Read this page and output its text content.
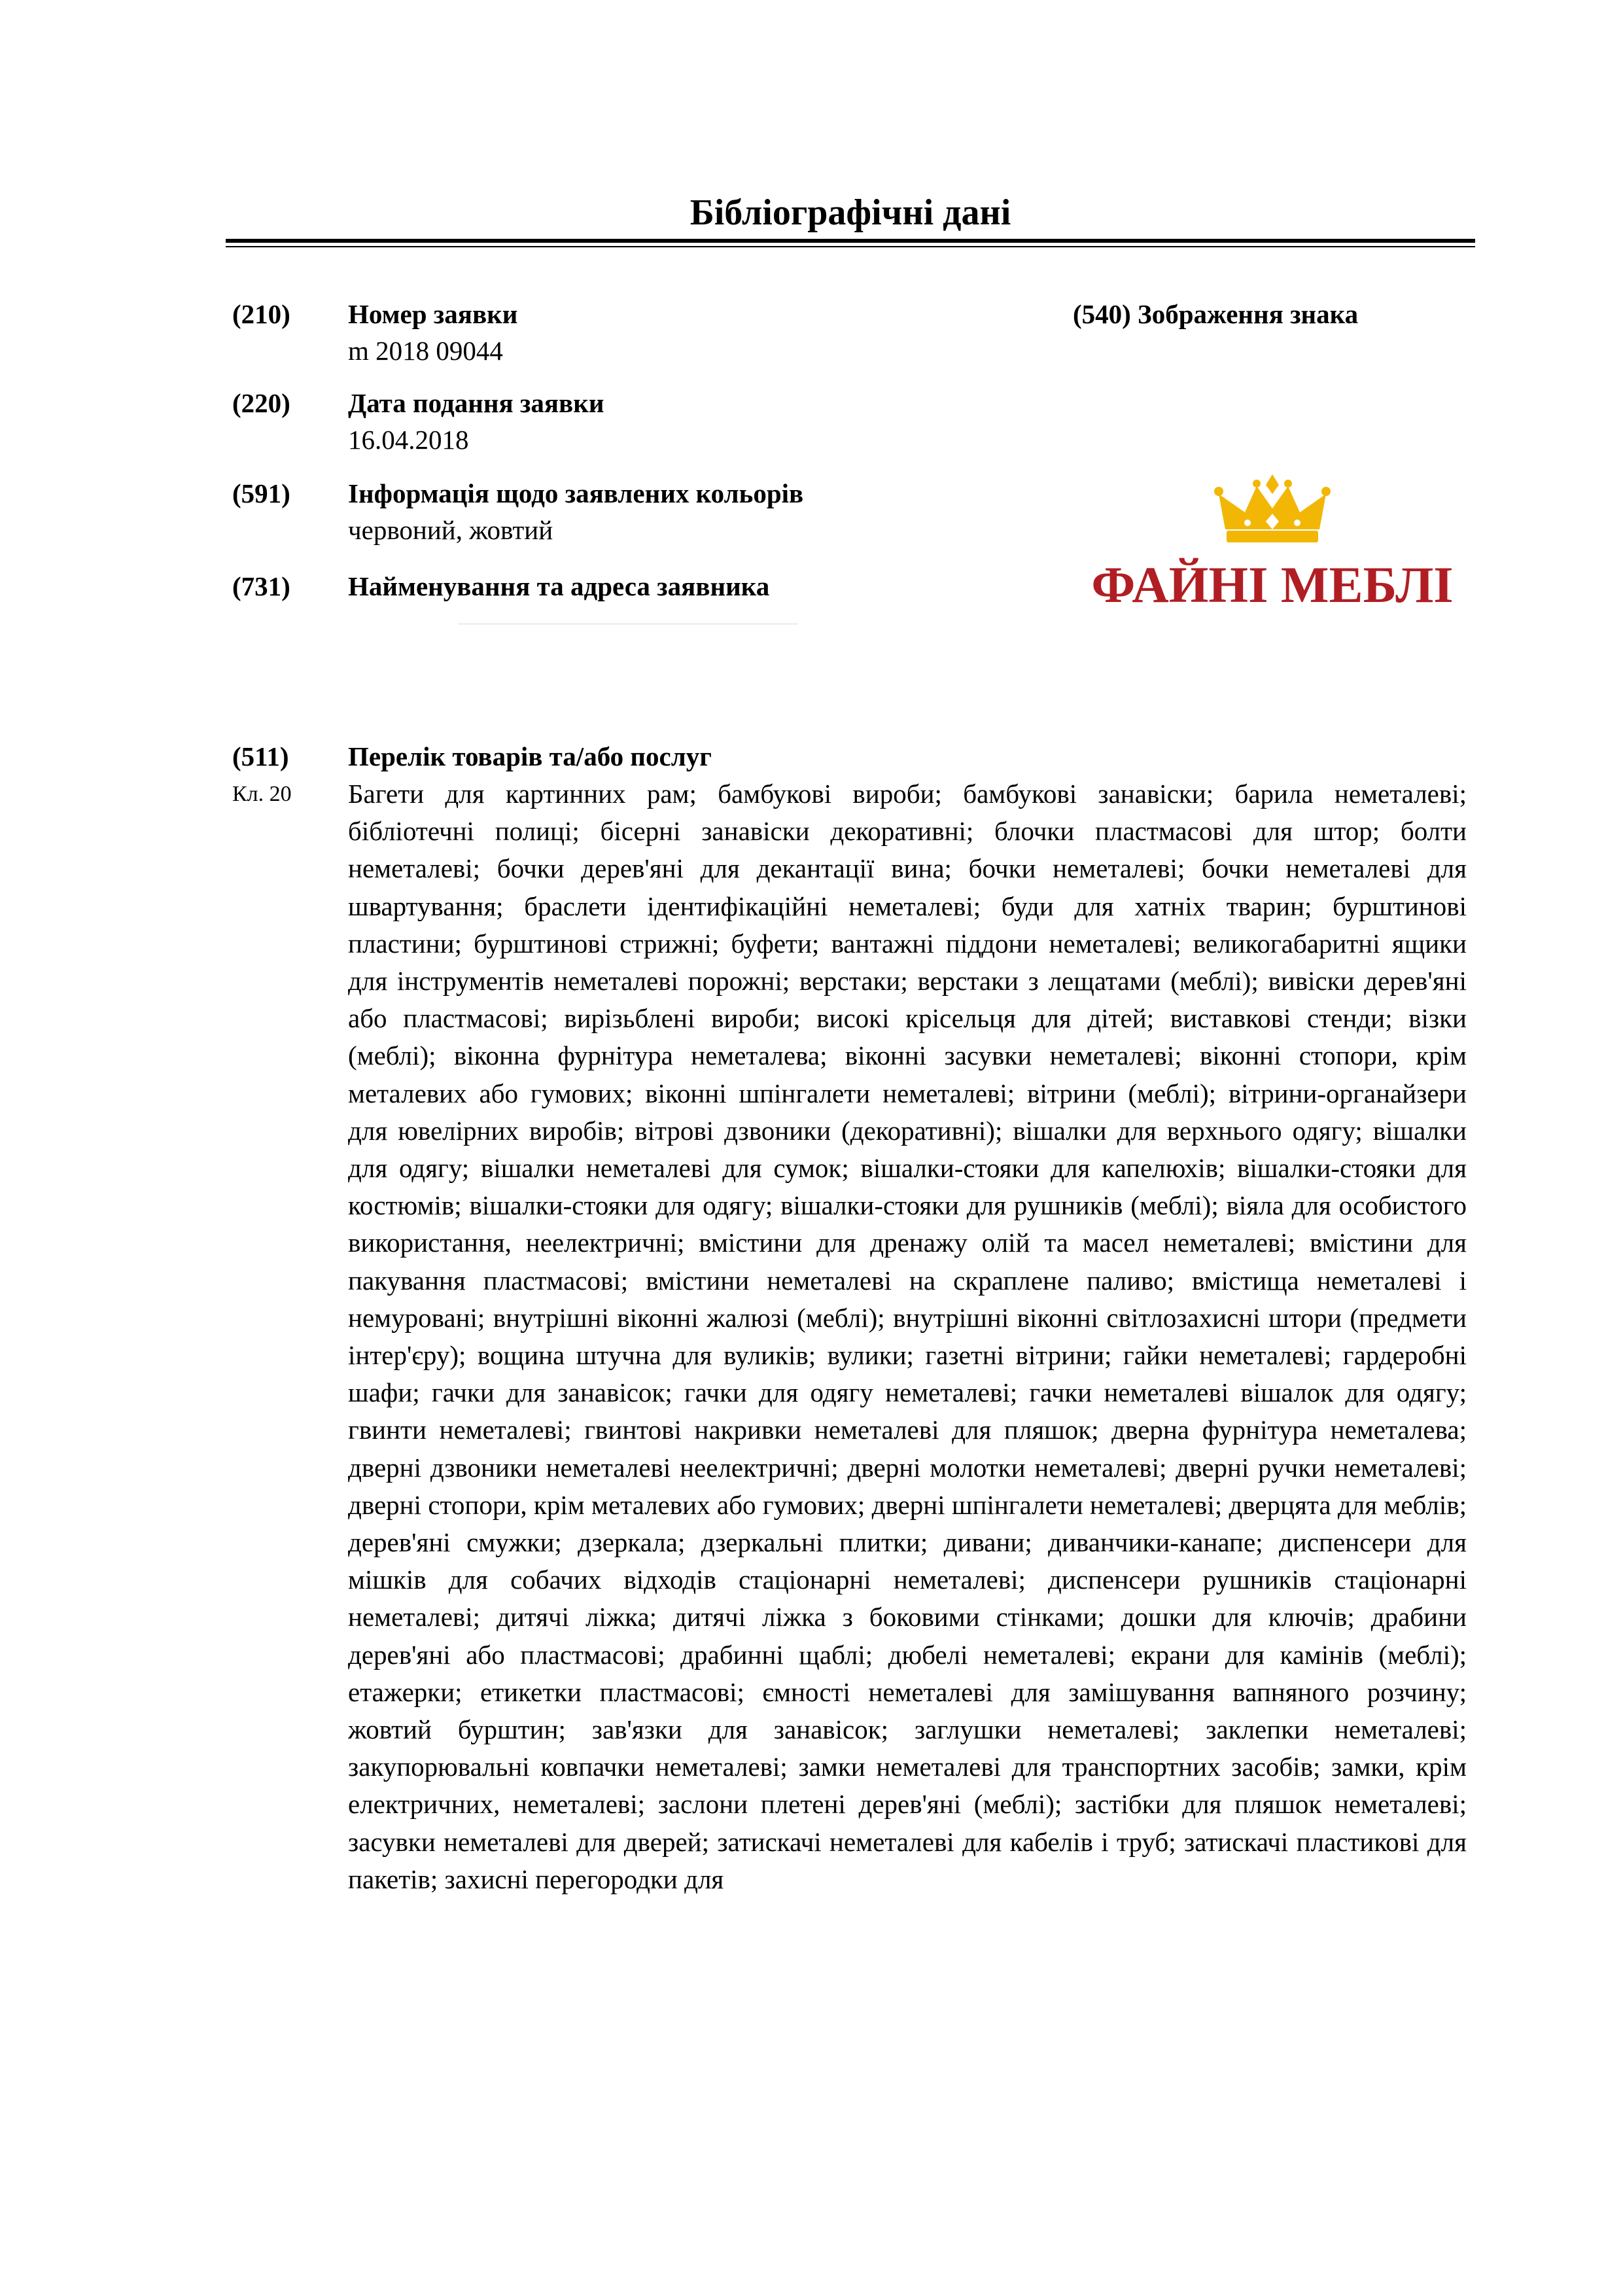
Бібліографічні дані
(210) Номер заявки
m 2018 09044
(220) Дата подання заявки
16.04.2018
(591) Інформація щодо заявлених кольорів
червоний, жовтий
(731) Найменування та адреса заявника
(540) Зображення знака
ФАЙНІ МЕБЛІ
(511) Перелік товарів та/або послуг
Кл. 20 Багети для картинних рам; бамбукові вироби; бамбукові занавіски; барила неметалеві; бібліотечні полиці; бісерні занавіски декоративні; блочки пластмасові для штор; болти неметалеві; бочки дерев'яні для декантації вина; бочки неметалеві; бочки неметалеві для швартування; браслети ідентифікаційні неметалеві; буди для хатніх тварин; бурштинові пластини; бурштинові стрижні; буфети; вантажні піддони неметалеві; великогабаритні ящики для інструментів неметалеві порожні; верстаки; верстаки з лещатами (меблі); вивіски дерев'яні або пластмасові; вирізьблені вироби; високі крісельця для дітей; виставкові стенди; візки (меблі); віконна фурнітура неметалева; віконні засувки неметалеві; віконні стопори, крім металевих або гумових; віконні шпінгалети неметалеві; вітрини (меблі); вітрини-органайзери для ювелірних виробів; вітрові дзвоники (декоративні); вішалки для верхнього одягу; вішалки для одягу; вішалки неметалеві для сумок; вішалки-стояки для капелюхів; вішалки-стояки для костюмів; вішалки-стояки для одягу; вішалки-стояки для рушників (меблі); віяла для особистого використання, неелектричні; вмістини для дренажу олій та масел неметалеві; вмістини для пакування пластмасові; вмістини неметалеві на скраплене паливо; вмістища неметалеві і немуровані; внутрішні віконні жалюзі (меблі); внутрішні віконні світлозахисні штори (предмети інтер'єру); вощина штучна для вуликів; вулики; газетні вітрини; гайки неметалеві; гардеробні шафи; гачки для занавісок; гачки для одягу неметалеві; гачки неметалеві вішалок для одягу; гвинти неметалеві; гвинтові накривки неметалеві для пляшок; дверна фурнітура неметалева; дверні дзвоники неметалеві неелектричні; дверні молотки неметалеві; дверні ручки неметалеві; дверні стопори, крім металевих або гумових; дверні шпінгалети неметалеві; дверцята для меблів; дерев'яні смужки; дзеркала; дзеркальні плитки; дивани; диванчики-канапе; диспенсери для мішків для собачих відходів стаціонарні неметалеві; диспенсери рушників стаціонарні неметалеві; дитячі ліжка; дитячі ліжка з боковими стінками; дошки для ключів; драбини дерев'яні або пластмасові; драбинні щаблі; дюбелі неметалеві; екрани для камінів (меблі); етажерки; етикетки пластмасові; ємності неметалеві для замішування вапняного розчину; жовтий бурштин; зав'язки для занавісок; заглушки неметалеві; заклепки неметалеві; закупорювальні ковпачки неметалеві; замки неметалеві для транспортних засобів; замки, крім електричних, неметалеві; заслони плетені дерев'яні (меблі); застібки для пляшок неметалеві; засувки неметалеві для дверей; затискачі неметалеві для кабелів і труб; затискачі пластикові для пакетів; захисні перегородки для
